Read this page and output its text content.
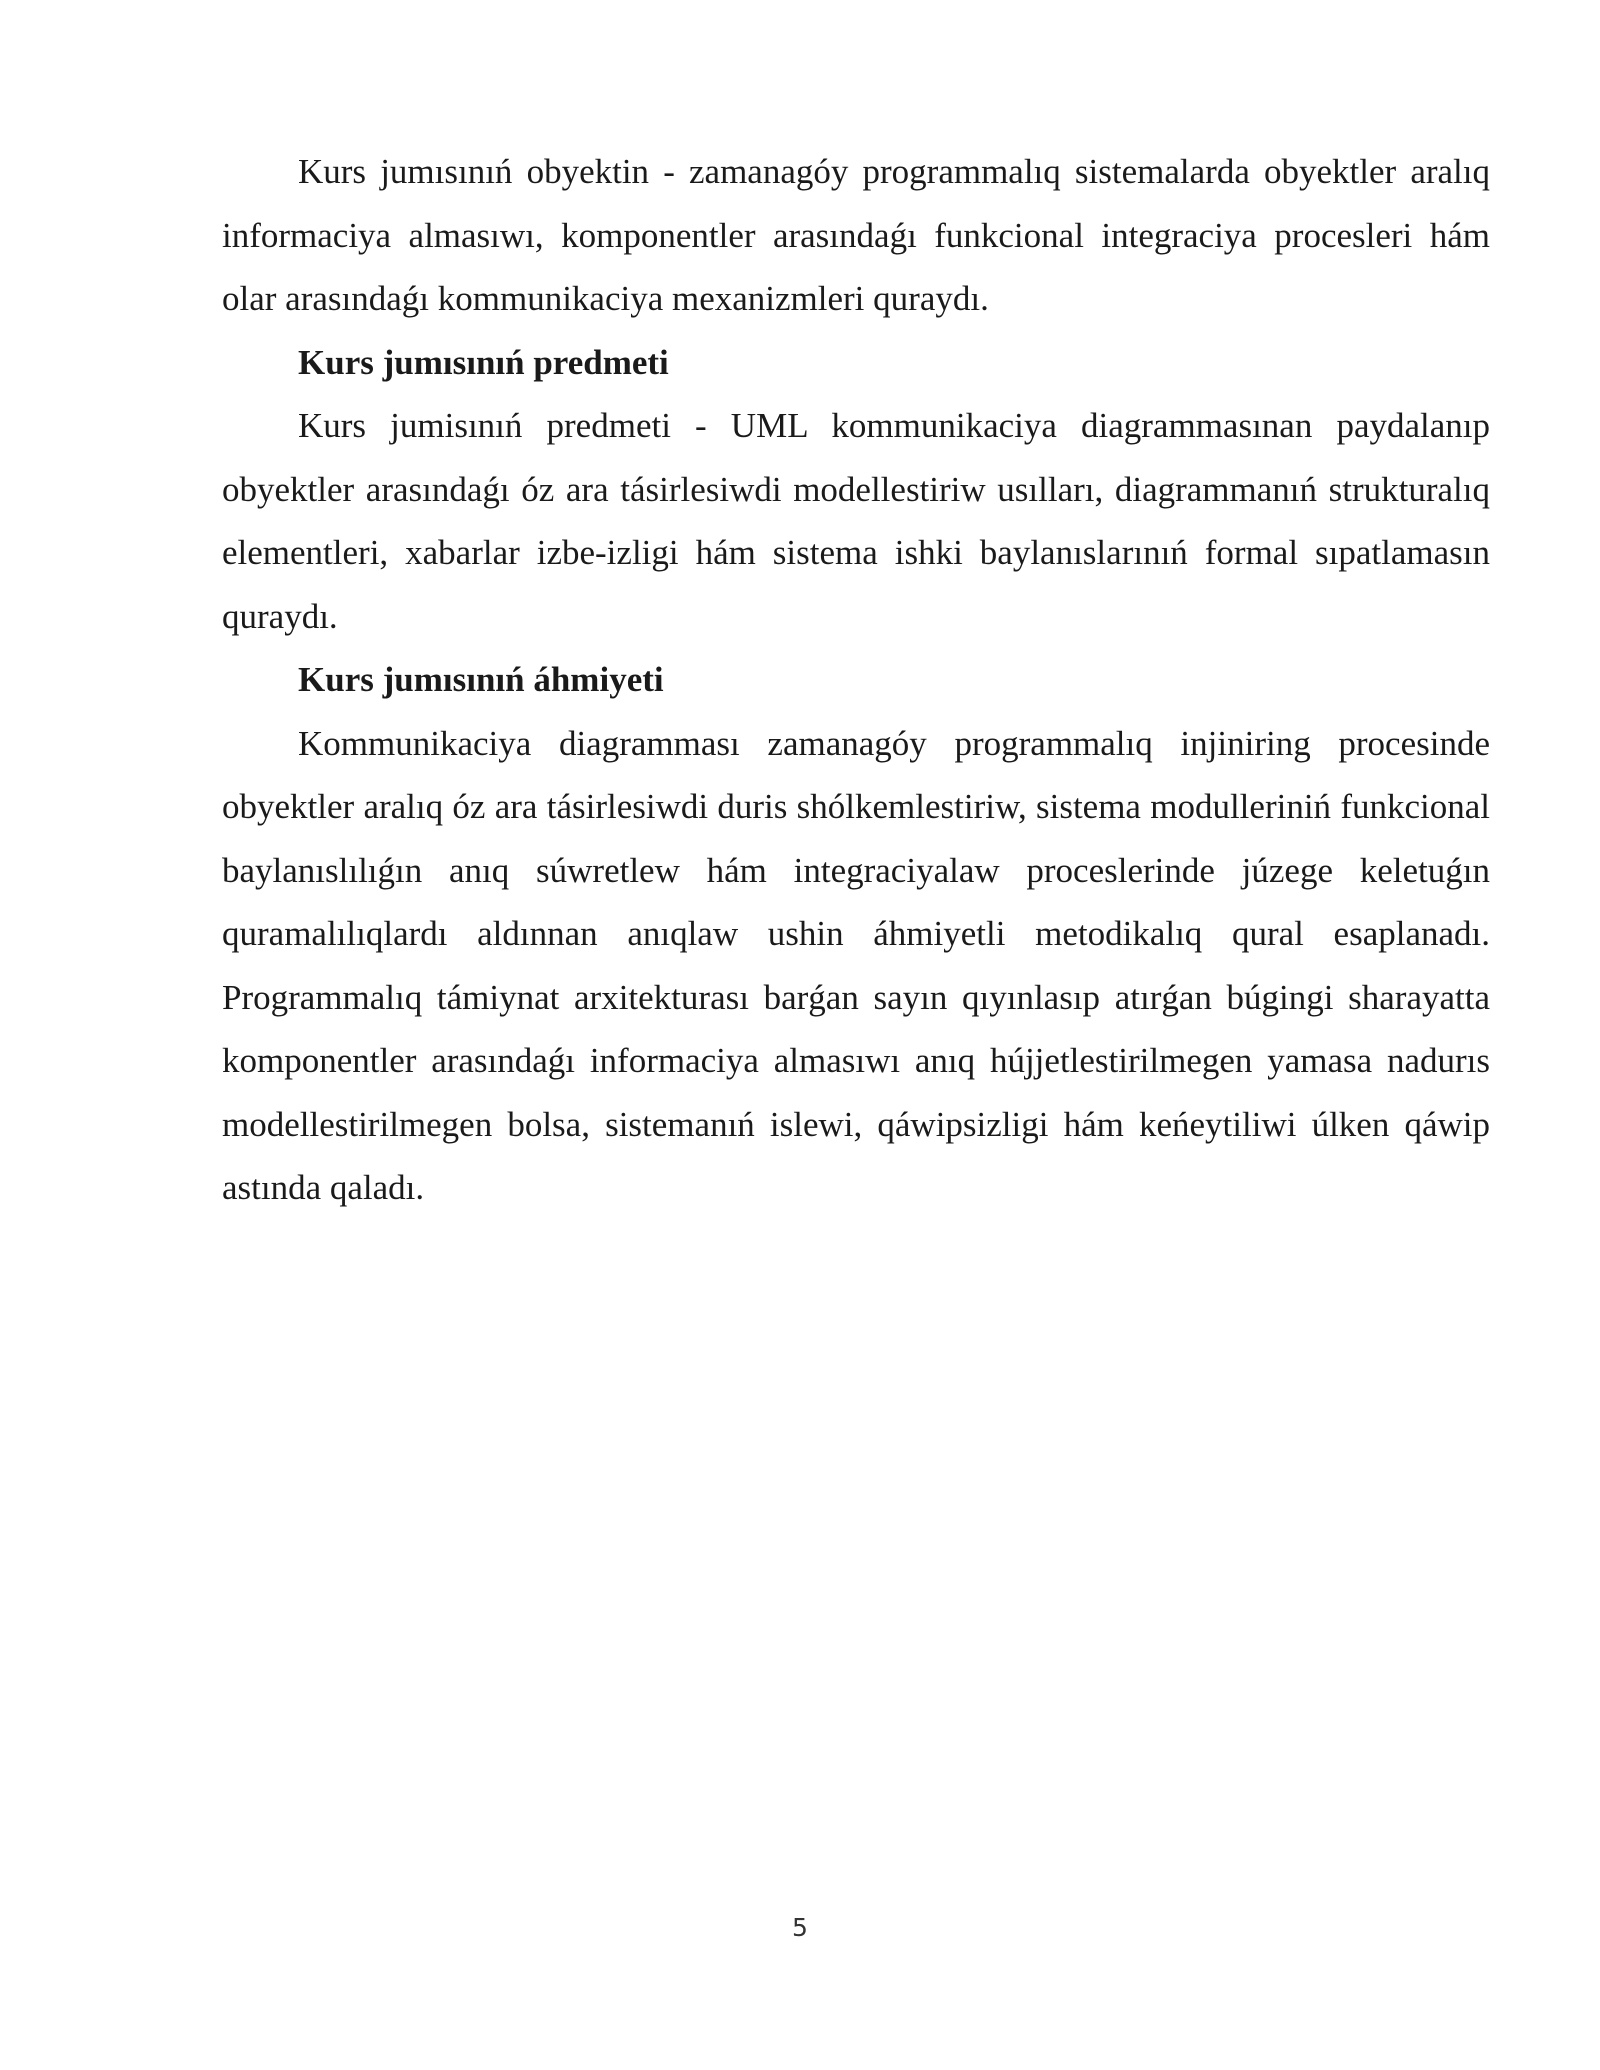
Kurs jumısınıń obyektin - zamanagóy programmalıq sistemalarda obyektler aralıq informaciya almasıwı, komponentler arasındaǵı funkcional integraciya procesleri hám olar arasındaǵı kommunikaciya mexanizmleri quraydı.

Kurs jumısınıń predmeti

Kurs jumisınıń predmeti - UML kommunikaciya diagrammasınan paydalanıp obyektler arasındaǵı óz ara tásirlesiwdi modellestiriw usılları, diagrammanıń strukturalıq elementleri, xabarlar izbe-izligi hám sistema ishki baylanıslarınıń formal sıpatlamasın quraydı.

Kurs jumısınıń áhmiyeti

Kommunikaciya diagramması zamanagóy programmalıq injiniring procesinde obyektler aralıq óz ara tásirlesiwdi duris shólkemlestiriw, sistema modulleriniń funkcional baylanıslılıǵın anıq súwretlew hám integraciyalaw proceslerinde júzege keletuǵın quramalılıqlardı aldınnan anıqlaw ushin áhmiyetli metodikalıq qural esaplanadı. Programmalıq támiynat arxitekturası barǵan sayın qıyınlasıp atırǵan búgingi sharayatta komponentler arasındaǵı informaciya almasıwı anıq hújjetlestirilmegen yamasa nadurıs modellestirilmegen bolsa, sistemanıń islewi, qáwipsizligi hám keńeytiliwi úlken qáwip astında qaladı.

5
